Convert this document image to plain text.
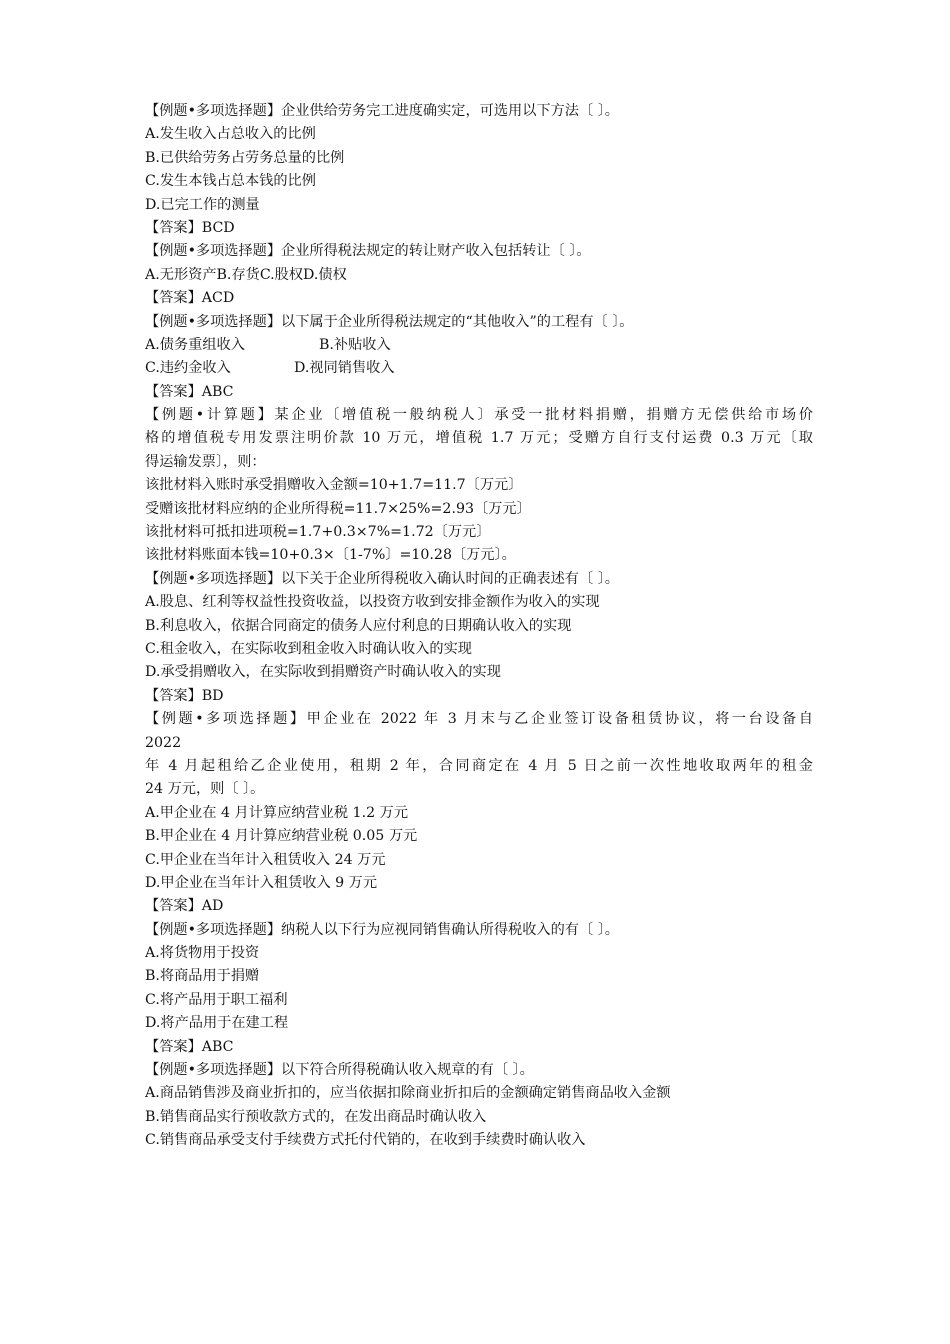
【例题•多项选择题】企业供给劳务完工进度确实定，可选用以下方法〔 〕。
A.发生收入占总收入的比例
B.已供给劳务占劳务总量的比例
C.发生本钱占总本钱的比例
D.已完工作的测量
【答案】BCD
【例题•多项选择题】企业所得税法规定的转让财产收入包括转让〔 〕。
A.无形资产B.存货C.股权D.债权
【答案】ACD
【例题•多项选择题】以下属于企业所得税法规定的“其他收入”的工程有〔 〕。
A.债务重组收入	B.补贴收入
C.违约金收入	D.视同销售收入
【答案】ABC
【例题•计算题】某企业〔增值税一般纳税人〕承受一批材料捐赠，捐赠方无偿供给市场价
格的增值税专用发票注明价款 10 万元，增值税 1.7 万元；受赠方自行支付运费 0.3 万元〔取
得运输发票〕，则：
该批材料入账时承受捐赠收入金额=10+1.7=11.7〔万元〕
受赠该批材料应纳的企业所得税=11.7×25%=2.93〔万元〕
该批材料可抵扣进项税=1.7+0.3×7%=1.72〔万元〕
该批材料账面本钱=10+0.3×〔1-7%〕=10.28〔万元〕。
【例题•多项选择题】以下关于企业所得税收入确认时间的正确表述有〔 〕。
A.股息、红利等权益性投资收益，以投资方收到安排金额作为收入的实现
B.利息收入，依据合同商定的债务人应付利息的日期确认收入的实现
C.租金收入，在实际收到租金收入时确认收入的实现
D.承受捐赠收入，在实际收到捐赠资产时确认收入的实现
【答案】BD
【例题•多项选择题】甲企业在 2022 年 3 月末与乙企业签订设备租赁协议，将一台设备自
2022
年 4 月起租给乙企业使用，租期 2 年，合同商定在 4 月 5 日之前一次性地收取两年的租金
24 万元，则〔 〕。
A.甲企业在 4 月计算应纳营业税 1.2 万元
B.甲企业在 4 月计算应纳营业税 0.05 万元
C.甲企业在当年计入租赁收入 24 万元
D.甲企业在当年计入租赁收入 9 万元
【答案】AD
【例题•多项选择题】纳税人以下行为应视同销售确认所得税收入的有〔 〕。
A.将货物用于投资
B.将商品用于捐赠
C.将产品用于职工福利
D.将产品用于在建工程
【答案】ABC
【例题•多项选择题】以下符合所得税确认收入规章的有〔 〕。
A.商品销售涉及商业折扣的，应当依据扣除商业折扣后的金额确定销售商品收入金额
B.销售商品实行预收款方式的，在发出商品时确认收入
C.销售商品承受支付手续费方式托付代销的，在收到手续费时确认收入
